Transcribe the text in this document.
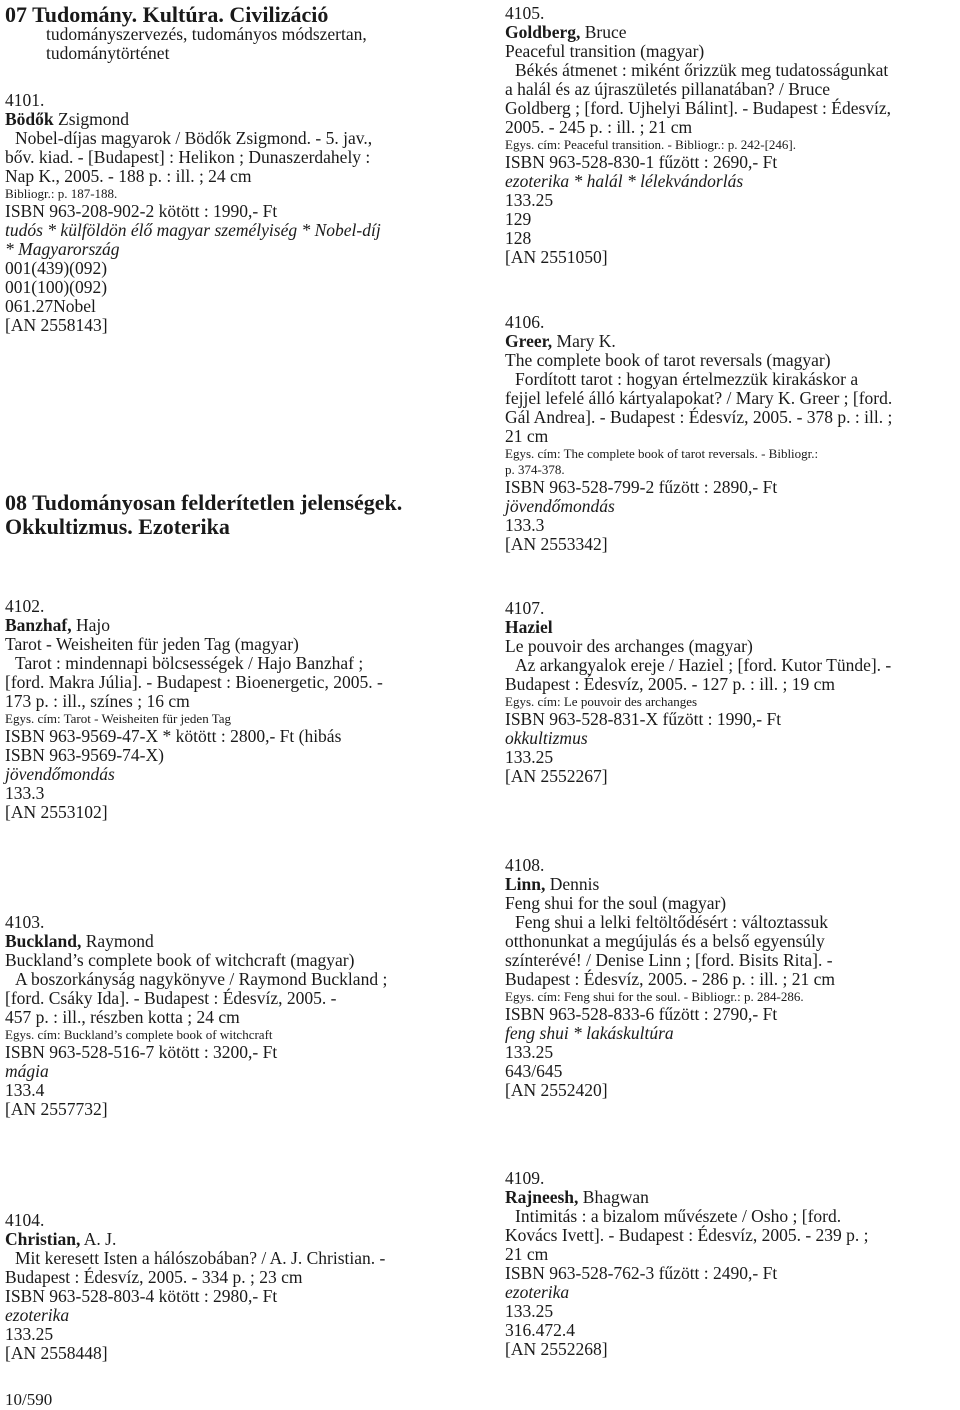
07 Tudomány. Kultúra. Civilizáció
tudományszervezés, tudományos módszertan,
tudománytörténet
4101.
Bödők Zsigmond
Nobel-díjas magyarok / Bödők Zsigmond. - 5. jav.,
bőv. kiad. - [Budapest] : Helikon ; Dunaszerdahely :
Nap K., 2005. - 188 p. : ill. ; 24 cm
Bibliogr.: p. 187-188.
ISBN 963-208-902-2 kötött : 1990,- Ft
tudós * külföldön élő magyar személyiség * Nobel-díj
* Magyarország
001(439)(092)
001(100)(092)
061.27Nobel
[AN 2558143]
08 Tudományosan felderítetlen jelenségek.
Okkultizmus. Ezoterika
4102.
Banzhaf, Hajo
Tarot - Weisheiten für jeden Tag (magyar)
Tarot : mindennapi bölcsességek / Hajo Banzhaf ;
[ford. Makra Júlia]. - Budapest : Bioenergetic, 2005. -
173 p. : ill., színes ; 16 cm
Egys. cím: Tarot - Weisheiten für jeden Tag
ISBN 963-9569-47-X * kötött : 2800,- Ft (hibás
ISBN 963-9569-74-X)
jövendőmondás
133.3
[AN 2553102]
4103.
Buckland, Raymond
Buckland’s complete book of witchcraft (magyar)
A boszorkányság nagykönyve / Raymond Buckland ;
[ford. Csáky Ida]. - Budapest : Édesvíz, 2005. -
457 p. : ill., részben kotta ; 24 cm
Egys. cím: Buckland’s complete book of witchcraft
ISBN 963-528-516-7 kötött : 3200,- Ft
mágia
133.4
[AN 2557732]
4104.
Christian, A. J.
Mit keresett Isten a hálószobában? / A. J. Christian. -
Budapest : Édesvíz, 2005. - 334 p. ; 23 cm
ISBN 963-528-803-4 kötött : 2980,- Ft
ezoterika
133.25
[AN 2558448]
4105.
Goldberg, Bruce
Peaceful transition (magyar)
Békés átmenet : miként őrizzük meg tudatosságunkat
a halál és az újraszületés pillanatában? / Bruce
Goldberg ; [ford. Ujhelyi Bálint]. - Budapest : Édesvíz,
2005. - 245 p. : ill. ; 21 cm
Egys. cím: Peaceful transition. - Bibliogr.: p. 242-[246].
ISBN 963-528-830-1 fűzött : 2690,- Ft
ezoterika * halál * lélekvándorlás
133.25
129
128
[AN 2551050]
4106.
Greer, Mary K.
The complete book of tarot reversals (magyar)
Fordított tarot : hogyan értelmezzük kirakáskor a
fejjel lefelé álló kártyalapokat? / Mary K. Greer ; [ford.
Gál Andrea]. - Budapest : Édesvíz, 2005. - 378 p. : ill. ;
21 cm
Egys. cím: The complete book of tarot reversals. - Bibliogr.:
p. 374-378.
ISBN 963-528-799-2 fűzött : 2890,- Ft
jövendőmondás
133.3
[AN 2553342]
4107.
Haziel
Le pouvoir des archanges (magyar)
Az arkangyalok ereje / Haziel ; [ford. Kutor Tünde]. -
Budapest : Édesvíz, 2005. - 127 p. : ill. ; 19 cm
Egys. cím: Le pouvoir des archanges
ISBN 963-528-831-X fűzött : 1990,- Ft
okkultizmus
133.25
[AN 2552267]
4108.
Linn, Dennis
Feng shui for the soul (magyar)
Feng shui a lelki feltöltődésért : változtassuk
otthonunkat a megújulás és a belső egyensúly
színterévé! / Denise Linn ; [ford. Bisits Rita]. -
Budapest : Édesvíz, 2005. - 286 p. : ill. ; 21 cm
Egys. cím: Feng shui for the soul. - Bibliogr.: p. 284-286.
ISBN 963-528-833-6 fűzött : 2790,- Ft
feng shui * lakáskultúra
133.25
643/645
[AN 2552420]
4109.
Rajneesh, Bhagwan
Intimitás : a bizalom művészete / Osho ; [ford.
Kovács Ivett]. - Budapest : Édesvíz, 2005. - 239 p. ;
21 cm
ISBN 963-528-762-3 fűzött : 2490,- Ft
ezoterika
133.25
316.472.4
[AN 2552268]
10/590
